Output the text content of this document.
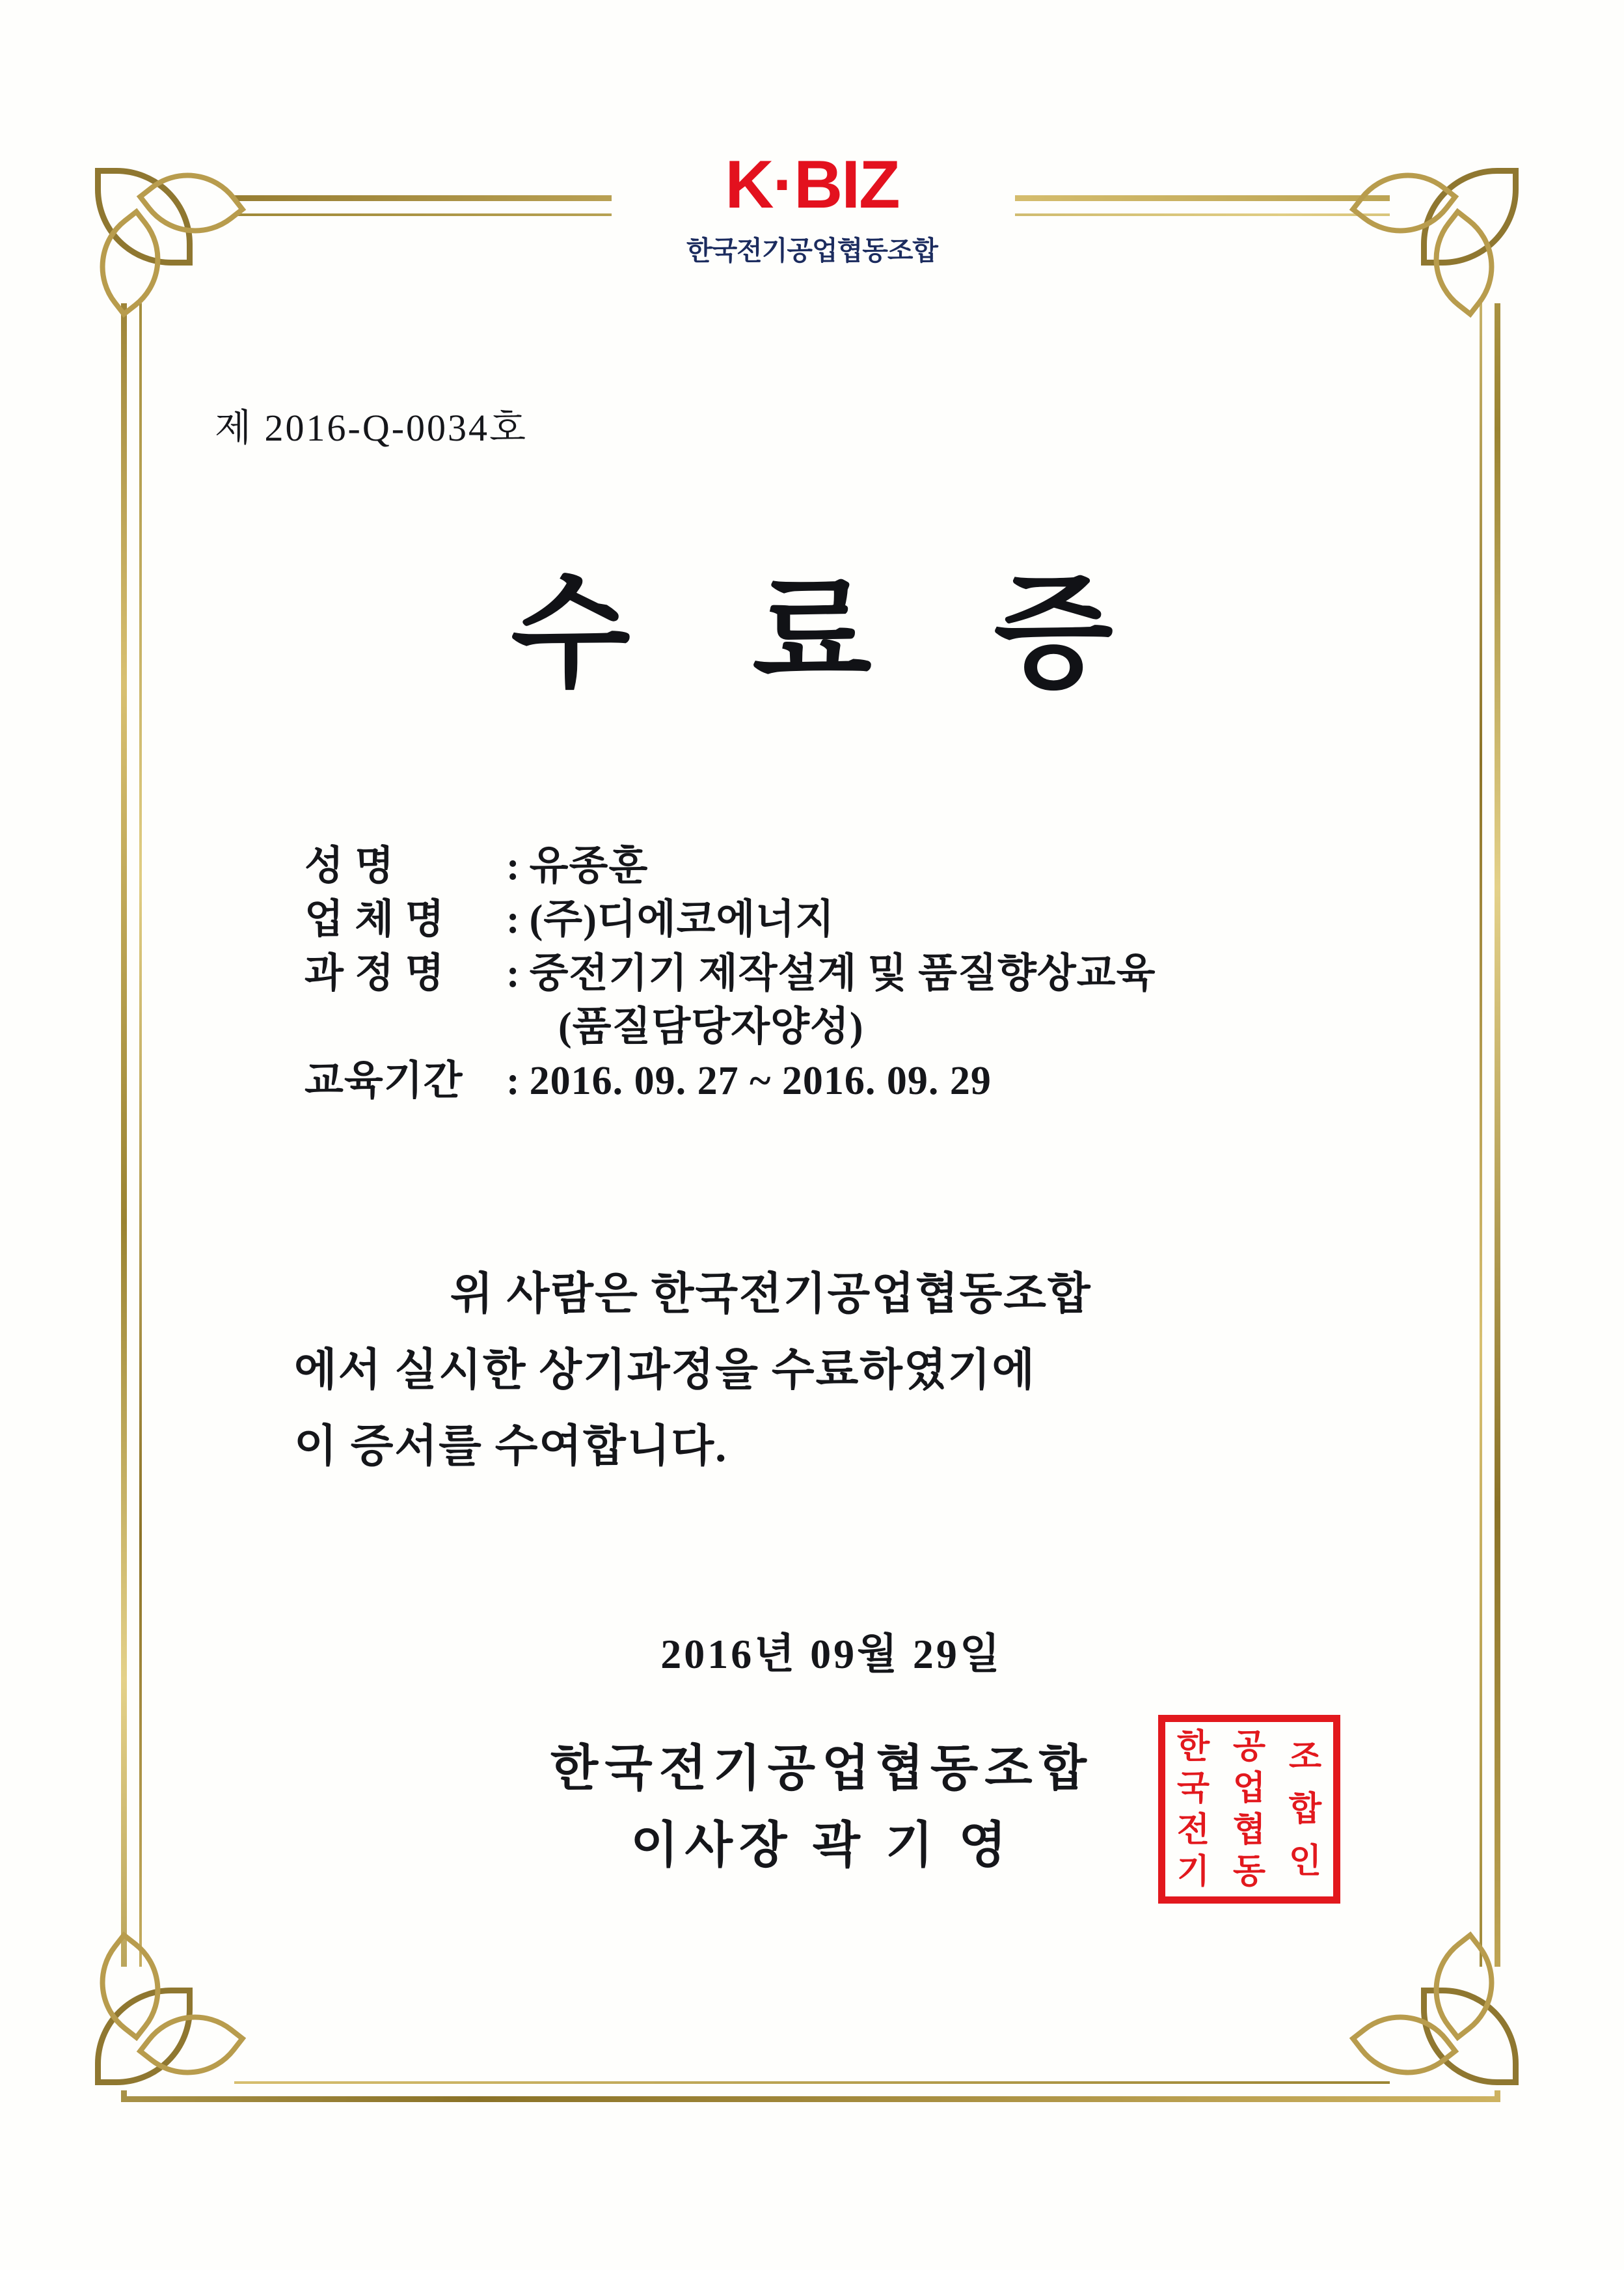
K·BIZ
한국전기공업협동조합
제 2016-Q-0034호
수 료 증
성 명	: 유종훈
업 체 명 : (주)디에코에너지
과 정 명 : 중전기기 제작설계 및 품질향상교육
(품질담당자양성)
교육기간 : 2016. 09. 27 ~ 2016. 09. 29
위 사람은 한국전기공업협동조합
에서 실시한 상기과정을 수료하였기에
이 증서를 수여합니다.
2016년 09월 29일
한국전기공업협동조합
이사장 곽 기 영
한
국
전
기
공
업
협
동
조
합
인
